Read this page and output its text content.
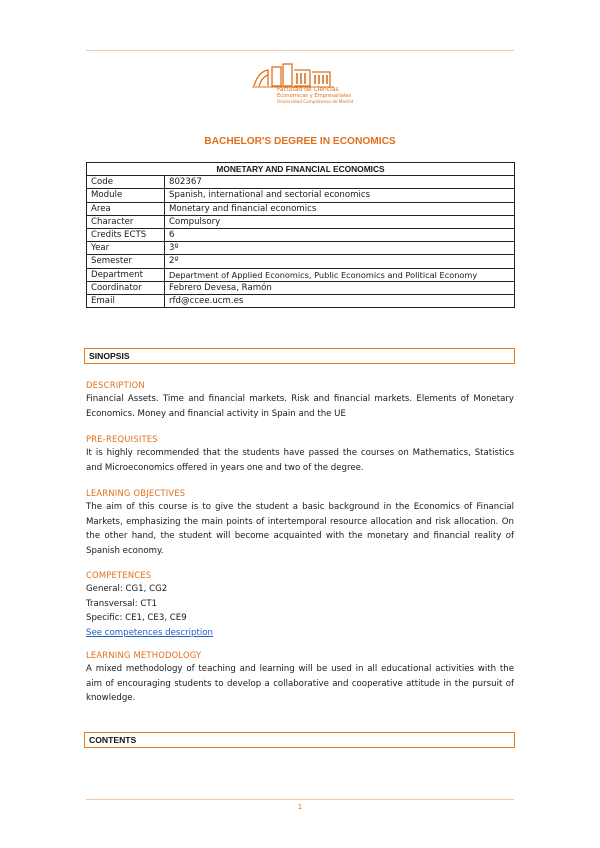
Facultad de Ciencias
Económicas y Empresariales
Universidad Complutense de Madrid
BACHELOR'S DEGREE IN ECONOMICS
MONETARY AND FINANCIAL ECONOMICS	
Code	802367
Module	Spanish, international and sectorial economics
Area	Monetary and financial economics
Character	Compulsory
Credits ECTS	6
Year	3º
Semester	2º
Department	Department of Applied Economics, Public Economics and Political Economy
Coordinator	Febrero Devesa, Ramón
Email	rfd@ccee.ucm.es
SINOPSIS
DESCRIPTION
Financial Assets. Time and financial markets. Risk and financial markets. Elements of Monetary Economics. Money and financial activity in Spain and the UE
PRE-REQUISITES
It is highly recommended that the students have passed the courses on Mathematics, Statistics and Microeconomics offered in years one and two of the degree.
LEARNING OBJECTIVES
The aim of this course is to give the student a basic background in the Economics of Financial Markets, emphasizing the main points of intertemporal resource allocation and risk allocation. On the other hand, the student will become acquainted with the monetary and financial reality of Spanish economy.
COMPETENCES
General: CG1, CG2
Transversal: CT1
Specific: CE1, CE3, CE9
See competences description
LEARNING METHODOLOGY
A mixed methodology of teaching and learning will be used in all educational activities with the aim of encouraging students to develop a collaborative and cooperative attitude in the pursuit of knowledge.
CONTENTS
1
